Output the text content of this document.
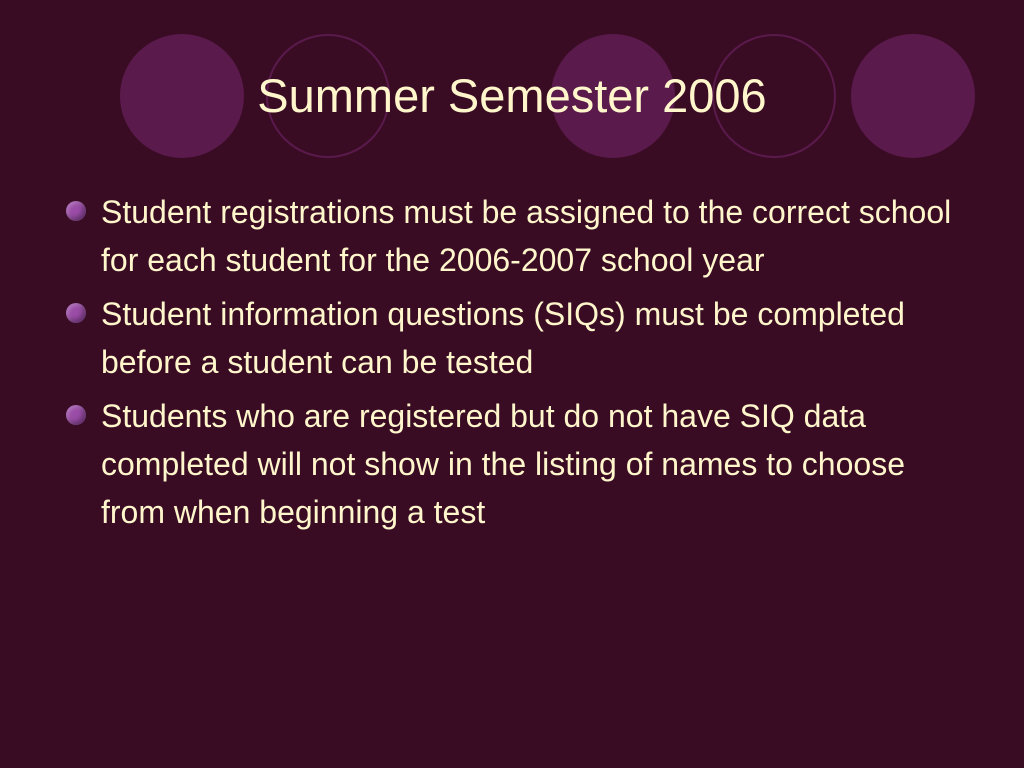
Summer Semester 2006
Student registrations must be assigned to the correct school for each student for the 2006-2007 school year
Student information questions (SIQs) must be completed before a student can be tested
Students who are registered but do not have SIQ data completed will not show in the listing of names to choose from when beginning a test
